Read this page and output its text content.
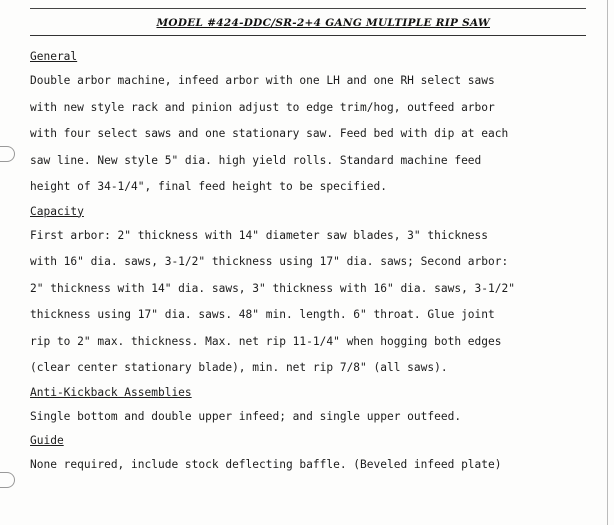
MODEL #424-DDC/SR-2+4 GANG MULTIPLE RIP SAW
General
Double arbor machine, infeed arbor with one LH and one RH select saws
with new style rack and pinion adjust to edge trim/hog, outfeed arbor
with four select saws and one stationary saw. Feed bed with dip at each
saw line. New style 5" dia. high yield rolls. Standard machine feed
height of 34-1/4", final feed height to be specified.
Capacity
First arbor: 2" thickness with 14" diameter saw blades, 3" thickness
with 16" dia. saws, 3-1/2" thickness using 17" dia. saws; Second arbor:
2" thickness with 14" dia. saws, 3" thickness with 16" dia. saws, 3-1/2"
thickness using 17" dia. saws. 48" min. length. 6" throat. Glue joint
rip to 2" max. thickness. Max. net rip 11-1/4" when hogging both edges
(clear center stationary blade), min. net rip 7/8" (all saws).
Anti-Kickback Assemblies
Single bottom and double upper infeed; and single upper outfeed.
Guide
None required, include stock deflecting baffle. (Beveled infeed plate)
